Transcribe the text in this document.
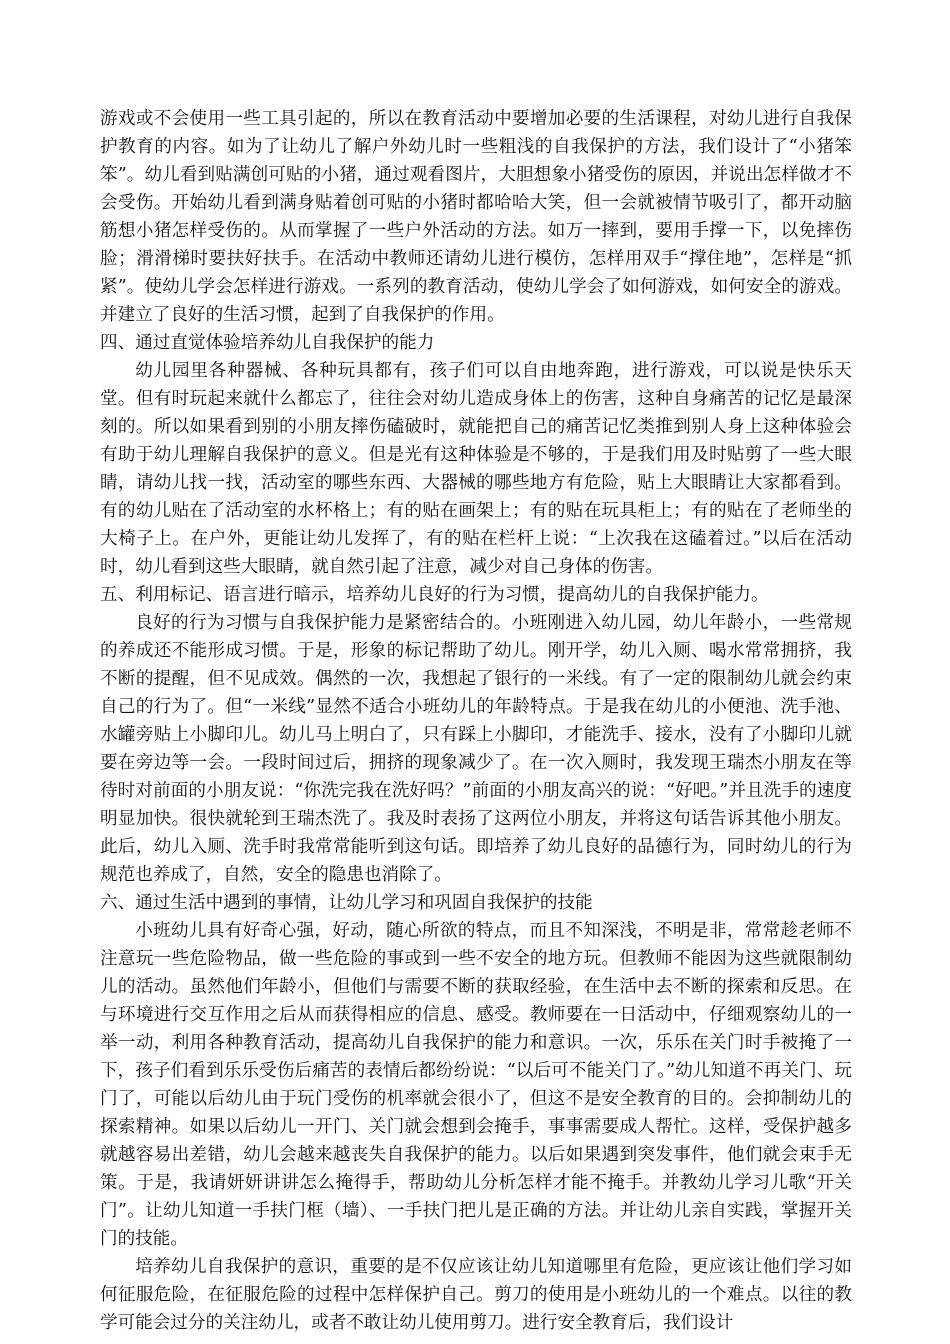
游戏或不会使用一些工具引起的，所以在教育活动中要增加必要的生活课程，对幼儿进行自我保护教育的内容。如为了让幼儿了解户外幼儿时一些粗浅的自我保护的方法，我们设计了“小猪笨笨”。幼儿看到贴满创可贴的小猪，通过观看图片，大胆想象小猪受伤的原因，并说出怎样做才不会受伤。开始幼儿看到满身贴着创可贴的小猪时都哈哈大笑，但一会就被情节吸引了，都开动脑筋想小猪怎样受伤的。从而掌握了一些户外活动的方法。如万一摔到，要用手撑一下，以免摔伤脸；滑滑梯时要扶好扶手。在活动中教师还请幼儿进行模仿，怎样用双手“撑住地”，怎样是“抓紧”。使幼儿学会怎样进行游戏。一系列的教育活动，使幼儿学会了如何游戏，如何安全的游戏。并建立了良好的生活习惯，起到了自我保护的作用。

四、通过直觉体验培养幼儿自我保护的能力

幼儿园里各种器械、各种玩具都有，孩子们可以自由地奔跑，进行游戏，可以说是快乐天堂。但有时玩起来就什么都忘了，往往会对幼儿造成身体上的伤害，这种自身痛苦的记忆是最深刻的。所以如果看到别的小朋友摔伤磕破时，就能把自己的痛苦记忆类推到别人身上这种体验会有助于幼儿理解自我保护的意义。但是光有这种体验是不够的，于是我们用及时贴剪了一些大眼睛，请幼儿找一找，活动室的哪些东西、大器械的哪些地方有危险，贴上大眼睛让大家都看到。有的幼儿贴在了活动室的水杯格上；有的贴在画架上；有的贴在玩具柜上；有的贴在了老师坐的大椅子上。在户外，更能让幼儿发挥了，有的贴在栏杆上说：“上次我在这磕着过。”以后在活动时，幼儿看到这些大眼睛，就自然引起了注意，减少对自己身体的伤害。

五、利用标记、语言进行暗示，培养幼儿良好的行为习惯，提高幼儿的自我保护能力。

良好的行为习惯与自我保护能力是紧密结合的。小班刚进入幼儿园，幼儿年龄小，一些常规的养成还不能形成习惯。于是，形象的标记帮助了幼儿。刚开学，幼儿入厕、喝水常常拥挤，我不断的提醒，但不见成效。偶然的一次，我想起了银行的一米线。有了一定的限制幼儿就会约束自己的行为了。但“一米线”显然不适合小班幼儿的年龄特点。于是我在幼儿的小便池、洗手池、水罐旁贴上小脚印儿。幼儿马上明白了，只有踩上小脚印，才能洗手、接水，没有了小脚印儿就要在旁边等一会。一段时间过后，拥挤的现象减少了。在一次入厕时，我发现王瑞杰小朋友在等待时对前面的小朋友说：“你洗完我在洗好吗？”前面的小朋友高兴的说：“好吧。”并且洗手的速度明显加快。很快就轮到王瑞杰洗了。我及时表扬了这两位小朋友，并将这句话告诉其他小朋友。此后，幼儿入厕、洗手时我常常能听到这句话。即培养了幼儿良好的品德行为，同时幼儿的行为规范也养成了，自然，安全的隐患也消除了。

六、通过生活中遇到的事情，让幼儿学习和巩固自我保护的技能

小班幼儿具有好奇心强，好动，随心所欲的特点，而且不知深浅，不明是非，常常趁老师不注意玩一些危险物品，做一些危险的事或到一些不安全的地方玩。但教师不能因为这些就限制幼儿的活动。虽然他们年龄小，但他们与需要不断的获取经验，在生活中去不断的探索和反思。在与环境进行交互作用之后从而获得相应的信息、感受。教师要在一日活动中，仔细观察幼儿的一举一动，利用各种教育活动，提高幼儿自我保护的能力和意识。一次，乐乐在关门时手被掩了一下，孩子们看到乐乐受伤后痛苦的表情后都纷纷说：“以后可不能关门了。”幼儿知道不再关门、玩门了，可能以后幼儿由于玩门受伤的机率就会很小了，但这不是安全教育的目的。会抑制幼儿的探索精神。如果以后幼儿一开门、关门就会想到会掩手，事事需要成人帮忙。这样，受保护越多就越容易出差错，幼儿会越来越丧失自我保护的能力。以后如果遇到突发事件，他们就会束手无策。于是，我请妍妍讲讲怎么掩得手，帮助幼儿分析怎样才能不掩手。并教幼儿学习儿歌“开关门”。让幼儿知道一手扶门框（墙）、一手扶门把儿是正确的方法。并让幼儿亲自实践，掌握开关门的技能。

培养幼儿自我保护的意识，重要的是不仅应该让幼儿知道哪里有危险，更应该让他们学习如何征服危险，在征服危险的过程中怎样保护自己。剪刀的使用是小班幼儿的一个难点。以往的教学可能会过分的关注幼儿，或者不敢让幼儿使用剪刀。进行安全教育后，我们设计
